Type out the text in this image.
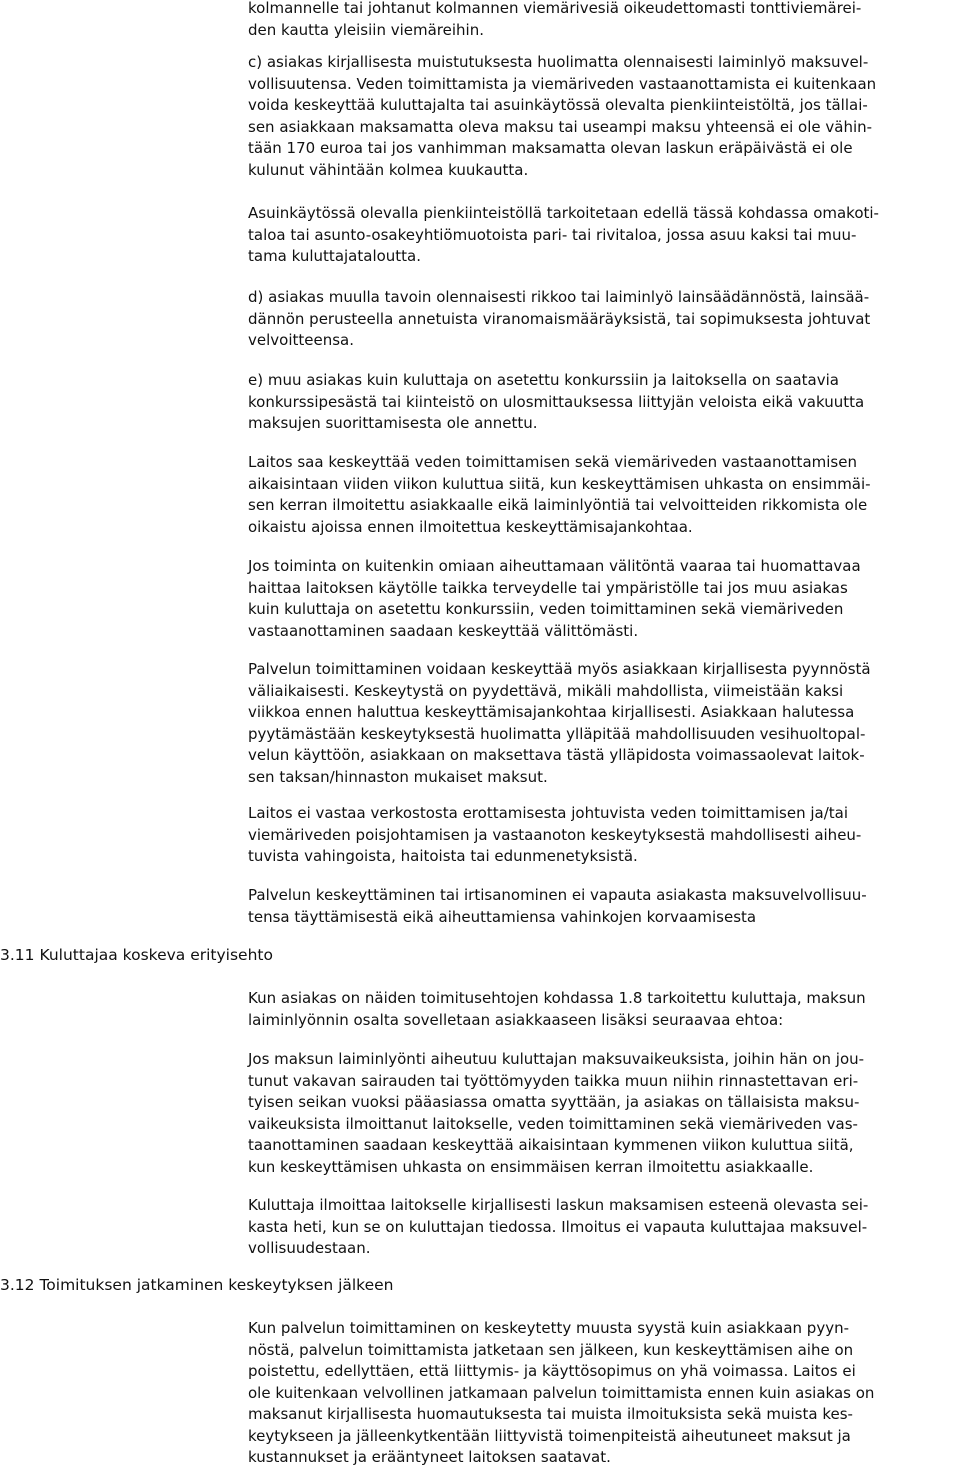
kolmannelle tai johtanut kolmannen viemärivesiä oikeudettomasti tonttiviemärei-
den kautta yleisiin viemäreihin.

c) asiakas kirjallisesta muistutuksesta huolimatta olennaisesti laiminlyö maksuvel-
vollisuutensa. Veden toimittamista ja viemäriveden vastaanottamista ei kuitenkaan
voida keskeyttää kuluttajalta tai asuinkäytössä olevalta pienkiinteistöltä, jos tällai-
sen asiakkaan maksamatta oleva maksu tai useampi maksu yhteensä ei ole vähin-
tään 170 euroa tai jos vanhimman maksamatta olevan laskun eräpäivästä ei ole
kulunut vähintään kolmea kuukautta.

Asuinkäytössä olevalla pienkiinteistöllä tarkoitetaan edellä tässä kohdassa omakoti-
taloa tai asunto-osakeyhtiömuotoista pari- tai rivitaloa, jossa asuu kaksi tai muu-
tama kuluttajataloutta.

d) asiakas muulla tavoin olennaisesti rikkoo tai laiminlyö lainsäädännöstä, lainsää-
dännön perusteella annetuista viranomaismääräyksistä, tai sopimuksesta johtuvat
velvoitteensa.

e) muu asiakas kuin kuluttaja on asetettu konkurssiin ja laitoksella on saatavia
konkurssipesästä tai kiinteistö on ulosmittauksessa liittyjän veloista eikä vakuutta
maksujen suorittamisesta ole annettu.

Laitos saa keskeyttää veden toimittamisen sekä viemäriveden vastaanottamisen
aikaisintaan viiden viikon kuluttua siitä, kun keskeyttämisen uhkasta on ensimmäi-
sen kerran ilmoitettu asiakkaalle eikä laiminlyöntiä tai velvoitteiden rikkomista ole
oikaistu ajoissa ennen ilmoitettua keskeyttämisajankohtaa.

Jos toiminta on kuitenkin omiaan aiheuttamaan välitöntä vaaraa tai huomattavaa
haittaa laitoksen käytölle taikka terveydelle tai ympäristölle tai jos muu asiakas
kuin kuluttaja on asetettu konkurssiin, veden toimittaminen sekä viemäriveden
vastaanottaminen saadaan keskeyttää välittömästi.

Palvelun toimittaminen voidaan keskeyttää myös asiakkaan kirjallisesta pyynnöstä
väliaikaisesti. Keskeytystä on pyydettävä, mikäli mahdollista, viimeistään kaksi
viikkoa ennen haluttua keskeyttämisajankohtaa kirjallisesti. Asiakkaan halutessa
pyytämästään keskeytyksestä huolimatta ylläpitää mahdollisuuden vesihuoltopal-
velun käyttöön, asiakkaan on maksettava tästä ylläpidosta voimassaolevat laitok-
sen taksan/hinnaston mukaiset maksut.

Laitos ei vastaa verkostosta erottamisesta johtuvista veden toimittamisen ja/tai
viemäriveden poisjohtamisen ja vastaanoton keskeytyksestä mahdollisesti aiheu-
tuvista vahingoista, haitoista tai edunmenetyksistä.

Palvelun keskeyttäminen tai irtisanominen ei vapauta asiakasta maksuvelvollisuu-
tensa täyttämisestä eikä aiheuttamiensa vahinkojen korvaamisesta

3.11 Kuluttajaa koskeva erityisehto

Kun asiakas on näiden toimitusehtojen kohdassa 1.8 tarkoitettu kuluttaja, maksun
laiminlyönnin osalta sovelletaan asiakkaaseen lisäksi seuraavaa ehtoa:

Jos maksun laiminlyönti aiheutuu kuluttajan maksuvaikeuksista, joihin hän on jou-
tunut vakavan sairauden tai työttömyyden taikka muun niihin rinnastettavan eri-
tyisen seikan vuoksi pääasiassa omatta syyttään, ja asiakas on tällaisista maksu-
vaikeuksista ilmoittanut laitokselle, veden toimittaminen sekä viemäriveden vas-
taanottaminen saadaan keskeyttää aikaisintaan kymmenen viikon kuluttua siitä,
kun keskeyttämisen uhkasta on ensimmäisen kerran ilmoitettu asiakkaalle.

Kuluttaja ilmoittaa laitokselle kirjallisesti laskun maksamisen esteenä olevasta sei-
kasta heti, kun se on kuluttajan tiedossa. Ilmoitus ei vapauta kuluttajaa maksuvel-
vollisuudestaan.

3.12 Toimituksen jatkaminen keskeytyksen jälkeen

Kun palvelun toimittaminen on keskeytetty muusta syystä kuin asiakkaan pyyn-
nöstä, palvelun toimittamista jatketaan sen jälkeen, kun keskeyttämisen aihe on
poistettu, edellyttäen, että liittymis- ja käyttösopimus on yhä voimassa. Laitos ei
ole kuitenkaan velvollinen jatkamaan palvelun toimittamista ennen kuin asiakas on
maksanut kirjallisesta huomautuksesta tai muista ilmoituksista sekä muista kes-
keytykseen ja jälleenkytkentään liittyvistä toimenpiteistä aiheutuneet maksut ja
kustannukset ja erääntyneet laitoksen saatavat.
